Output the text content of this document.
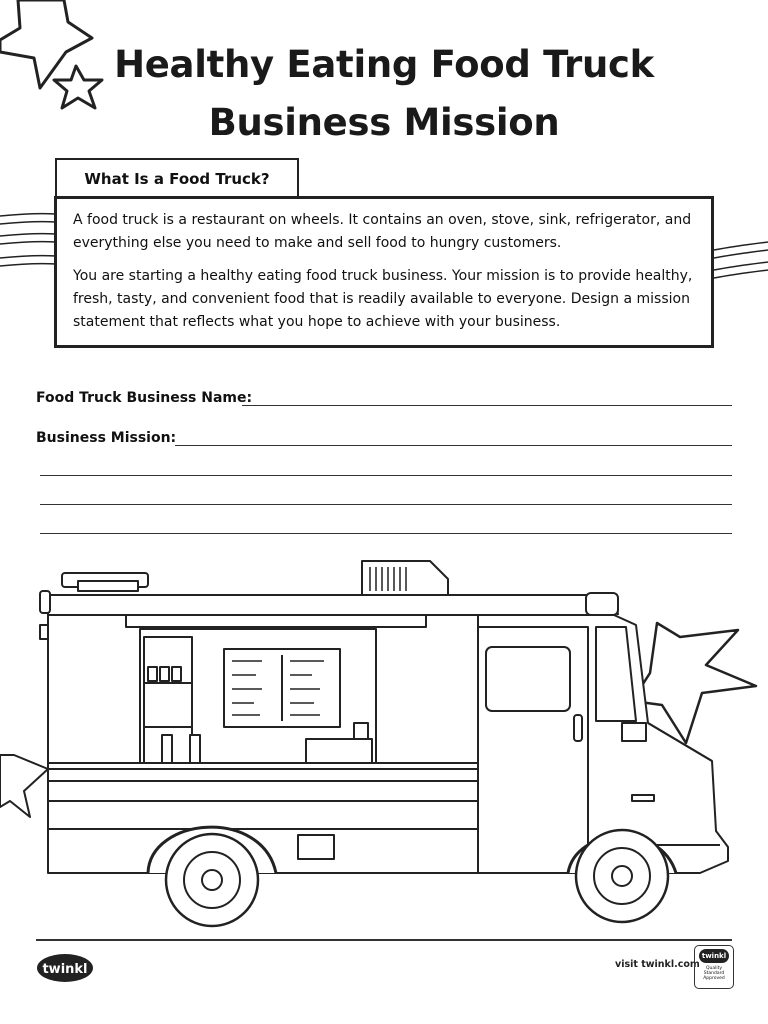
Healthy Eating Food Truck
Business Mission
What Is a Food Truck?

A food truck is a restaurant on wheels. It contains an oven, stove, sink, refrigerator, and everything else you need to make and sell food to hungry customers.

You are starting a healthy eating food truck business. Your mission is to provide healthy, fresh, tasty, and convenient food that is readily available to everyone. Design a mission statement that reflects what you hope to achieve with your business.

Food Truck Business Name:
Business Mission:
twinkl	visit twinkl.com
twinkl
Quality Standard Approved
